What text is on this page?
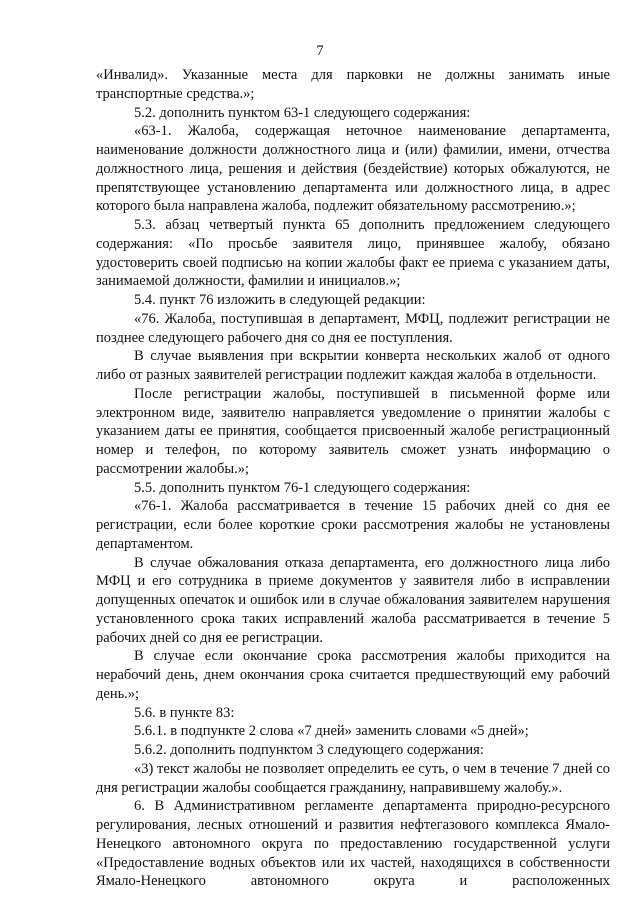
7

«Инвалид». Указанные места для парковки не должны занимать иные транспортные средства.»;

5.2. дополнить пунктом 63-1 следующего содержания:

«63-1. Жалоба, содержащая неточное наименование департамента, наименование должности должностного лица и (или) фамилии, имени, отчества должностного лица, решения и действия (бездействие) которых обжалуются, не препятствующее установлению департамента или должностного лица, в адрес которого была направлена жалоба, подлежит обязательному рассмотрению.»;

5.3. абзац четвертый пункта 65 дополнить предложением следующего содержания: «По просьбе заявителя лицо, принявшее жалобу, обязано удостоверить своей подписью на копии жалобы факт ее приема с указанием даты, занимаемой должности, фамилии и инициалов.»;

5.4. пункт 76 изложить в следующей редакции:

«76. Жалоба, поступившая в департамент, МФЦ, подлежит регистрации не позднее следующего рабочего дня со дня ее поступления.

В случае выявления при вскрытии конверта нескольких жалоб от одного либо от разных заявителей регистрации подлежит каждая жалоба в отдельности.

После регистрации жалобы, поступившей в письменной форме или электронном виде, заявителю направляется уведомление о принятии жалобы с указанием даты ее принятия, сообщается присвоенный жалобе регистрационный номер и телефон, по которому заявитель сможет узнать информацию о рассмотрении жалобы.»;

5.5. дополнить пунктом 76-1 следующего содержания:

«76-1. Жалоба рассматривается в течение 15 рабочих дней со дня ее регистрации, если более короткие сроки рассмотрения жалобы не установлены департаментом.

В случае обжалования отказа департамента, его должностного лица либо МФЦ и его сотрудника в приеме документов у заявителя либо в исправлении допущенных опечаток и ошибок или в случае обжалования заявителем нарушения установленного срока таких исправлений жалоба рассматривается в течение 5 рабочих дней со дня ее регистрации.

В случае если окончание срока рассмотрения жалобы приходится на нерабочий день, днем окончания срока считается предшествующий ему рабочий день.»;

5.6. в пункте 83:

5.6.1. в подпункте 2 слова «7 дней» заменить словами «5 дней»;

5.6.2. дополнить подпунктом 3 следующего содержания:

«3) текст жалобы не позволяет определить ее суть, о чем в течение 7 дней со дня регистрации жалобы сообщается гражданину, направившему жалобу.».

6. В Административном регламенте департамента природно-ресурсного регулирования, лесных отношений и развития нефтегазового комплекса Ямало-Ненецкого автономного округа по предоставлению государственной услуги «Предоставление водных объектов или их частей, находящихся в собственности Ямало-Ненецкого автономного округа и расположенных
